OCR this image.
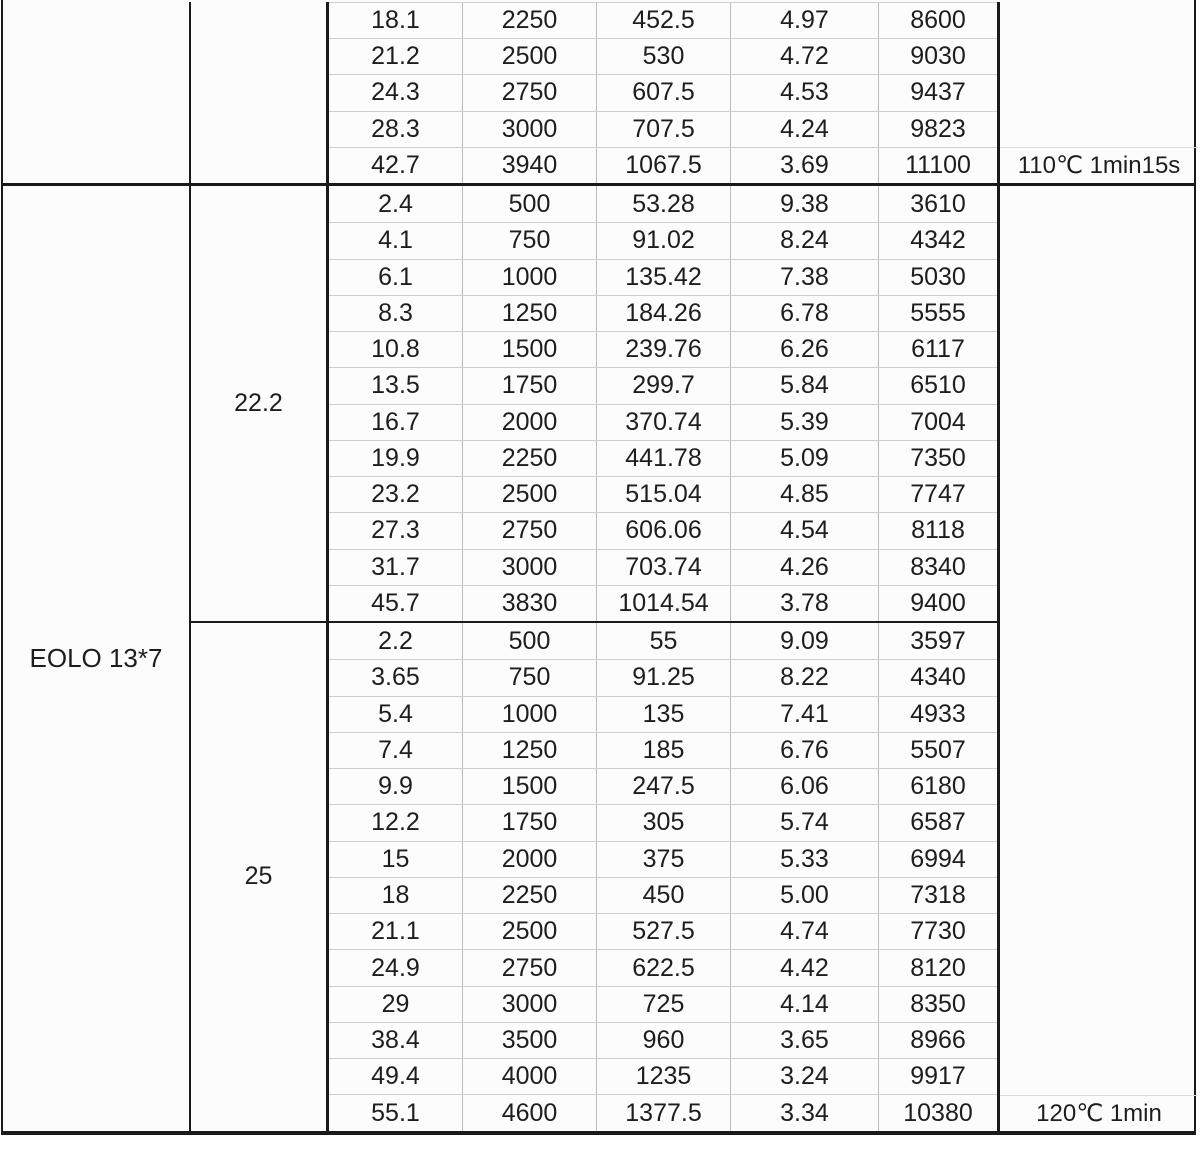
18.1	2250	452.5	4.97	8600
21.2	2500	530	4.72	9030
24.3	2750	607.5	4.53	9437
28.3	3000	707.5	4.24	9823
42.7	3940	1067.5	3.69	11100	110℃ 1min15s
EOLO 13*7
22.2
2.4	500	53.28	9.38	3610
4.1	750	91.02	8.24	4342
6.1	1000	135.42	7.38	5030
8.3	1250	184.26	6.78	5555
10.8	1500	239.76	6.26	6117
13.5	1750	299.7	5.84	6510
16.7	2000	370.74	5.39	7004
19.9	2250	441.78	5.09	7350
23.2	2500	515.04	4.85	7747
27.3	2750	606.06	4.54	8118
31.7	3000	703.74	4.26	8340
45.7	3830	1014.54	3.78	9400
25
2.2	500	55	9.09	3597
3.65	750	91.25	8.22	4340
5.4	1000	135	7.41	4933
7.4	1250	185	6.76	5507
9.9	1500	247.5	6.06	6180
12.2	1750	305	5.74	6587
15	2000	375	5.33	6994
18	2250	450	5.00	7318
21.1	2500	527.5	4.74	7730
24.9	2750	622.5	4.42	8120
29	3000	725	4.14	8350
38.4	3500	960	3.65	8966
49.4	4000	1235	3.24	9917
55.1	4600	1377.5	3.34	10380	120℃ 1min
